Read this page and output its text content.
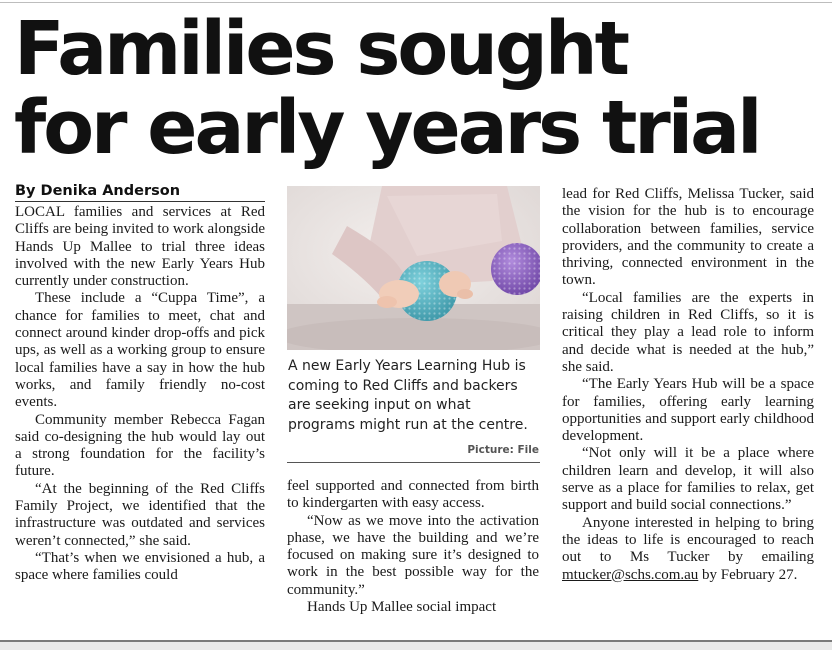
Families sought
for early years trial
By Denika Anderson

LOCAL families and services at Red Cliffs are being invited to work alongside Hands Up Mallee to trial three ideas involved with the new Early Years Hub currently under construction.

These include a “Cuppa Time”, a chance for families to meet, chat and connect around kinder drop-offs and pick ups, as well as a working group to ensure local families have a say in how the hub works, and family friendly no-cost events.

Community member Rebecca Fagan said co-designing the hub would lay out a strong foundation for the facility’s future.

“At the beginning of the Red Cliffs Family Project, we identified that the infrastructure was outdated and services weren’t connected,” she said.

“That’s when we envisioned a hub, a space where families could

A new Early Years Learning Hub is coming to Red Cliffs and backers are seeking input on what programs might run at the centre.
Picture: File

feel supported and connected from birth to kindergarten with easy access.

“Now as we move into the activation phase, we have the building and we’re focused on making sure it’s designed to work in the best possible way for the community.”

Hands Up Mallee social impact

lead for Red Cliffs, Melissa Tucker, said the vision for the hub is to encourage collaboration between families, service providers, and the community to create a thriving, connected environment in the town.

“Local families are the experts in raising children in Red Cliffs, so it is critical they play a lead role to inform and decide what is needed at the hub,” she said.

“The Early Years Hub will be a space for families, offering early learning opportunities and support early childhood development.

“Not only will it be a place where children learn and develop, it will also serve as a place for families to relax, get support and build social connections.”

Anyone interested in helping to bring the ideas to life is encouraged to reach out to Ms Tucker by emailing mtucker@schs.com.au by February 27.
